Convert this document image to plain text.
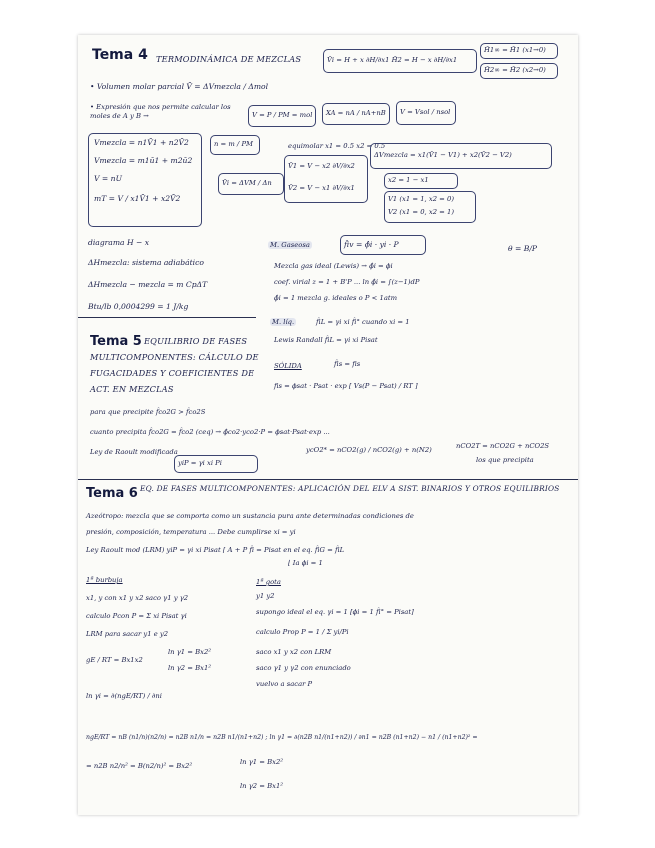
Tema 4 TERMODINÁMICA DE MEZCLAS	V̄i = H + x ∂H/∂x1 H̄2 = H − x ∂H/∂x1
H̄1∞ = H̄1 (x1→0)
H̄2∞ = H̄2 (x2→0)
• Volumen molar parcial V̄ = ΔVmezcla / Δmol
• Expresión que nos permite calcular los moles de A y B →	V = P / PM = mol XA = nA / nA+nB V = Vsol / nsol
Vmezcla = n1V̄1 + n2V̄2
Vmezcla = m1ū1 + m2ū2
V = nU
mT = V / x1V̄1 + x2V̄2
n = m / PM
V̄i = ΔVM / Δn
equimolar x1 = 0.5 x2 = 0.5
V̄1 = V − x2 ∂V/∂x2
V̄2 = V − x1 ∂V/∂x1
ΔVmezcla = x1(V̄1 − V1) + x2(V̄2 − V2)
x2 = 1 − x1
V1 (x1 = 1, x2 = 0)
V2 (x1 = 0, x2 = 1)
diagrama H − x
ΔHmezcla: sistema adiabático
ΔHmezcla − mezcla = m CpΔT
Btu/lb 0,0004299 = 1 J/kg
M. Gaseosa	f̂iv = ϕ̂i · yi · P	θ = B/P
Mezcla gas ideal (Lewis) → ϕ̂i = ϕi
coef. virial z = 1 + B'P ... ln ϕ̂i = ∫(z−1)dP
ϕ̂i = 1 mezcla g. ideales o P < 1atm
M. líq.	f̂iL = γi xi f̂i° cuando xi = 1
Lewis Randall f̂iL = γi xi Pisat
SÓLIDA	f̂is = fis
fis = ϕsat · Psat · exp [ Vs(P − Psat) / RT ]
Tema 5 EQUILIBRIO DE FASES
MULTICOMPONENTES: CÁLCULO DE
FUGACIDADES Y COEFICIENTES DE
ACT. EN MEZCLAS
para que precipite f̂co2G > f̂co2S
cuanto precipita f̂co2G = f̂co2 (ceq) → ϕ̂co2·yco2·P = ϕsat·Psat·exp ...
ycO2* = nCO2(g) / nCO2(g) + n(N2)	nCO2T = nCO2G + nCO2S
los que precipita
Ley de Raoult modificada
yiP = γi xi Pi
Tema 6 EQ. DE FASES MULTICOMPONENTES: APLICACIÓN DEL ELV A SIST. BINARIOS Y OTROS EQUILIBRIOS
Azeótropo: mezcla que se comporta como un sustancia pura ante determinadas condiciones de
presión, composición, temperatura ... Debe cumplirse xi = yi
Ley Raoult mod (LRM) yiP = γi xi Pisat ⌈ A + P f̂i = Pisat en el eq. f̂iG = f̂iL
⌊ Ia ϕi = 1
1ª burbuja
x1, y con x1 y x2 saco γ1 y γ2
calculo Pcon P = Σ xi Pisat γi
LRM para sacar y1 e y2
gE / RT = Bx1x2
ln γ1 = Bx2²
ln γ2 = Bx1²
ln γi = ∂(ngE/RT) / ∂ni
1ª gota
y1 y2
supongo ideal el eq. γi = 1 [ϕi = 1 f̂i° = Pisat]
calculo Prop P = 1 / Σ yi/Pi
saco x1 y x2 con LRM
saco γ1 y γ2 con enunciado
vuelvo a sacar P
ngE/RT = nB (n1/n)(n2/n) = n2B n1/n = n2B n1/(n1+n2) ; ln γ1 = ∂(n2B n1/(n1+n2)) / ∂n1 = n2B (n1+n2) − n1 / (n1+n2)² =
= n2B n2/n² = B(n2/n)² = Bx2²	ln γ1 = Bx2²
ln γ2 = Bx1²
